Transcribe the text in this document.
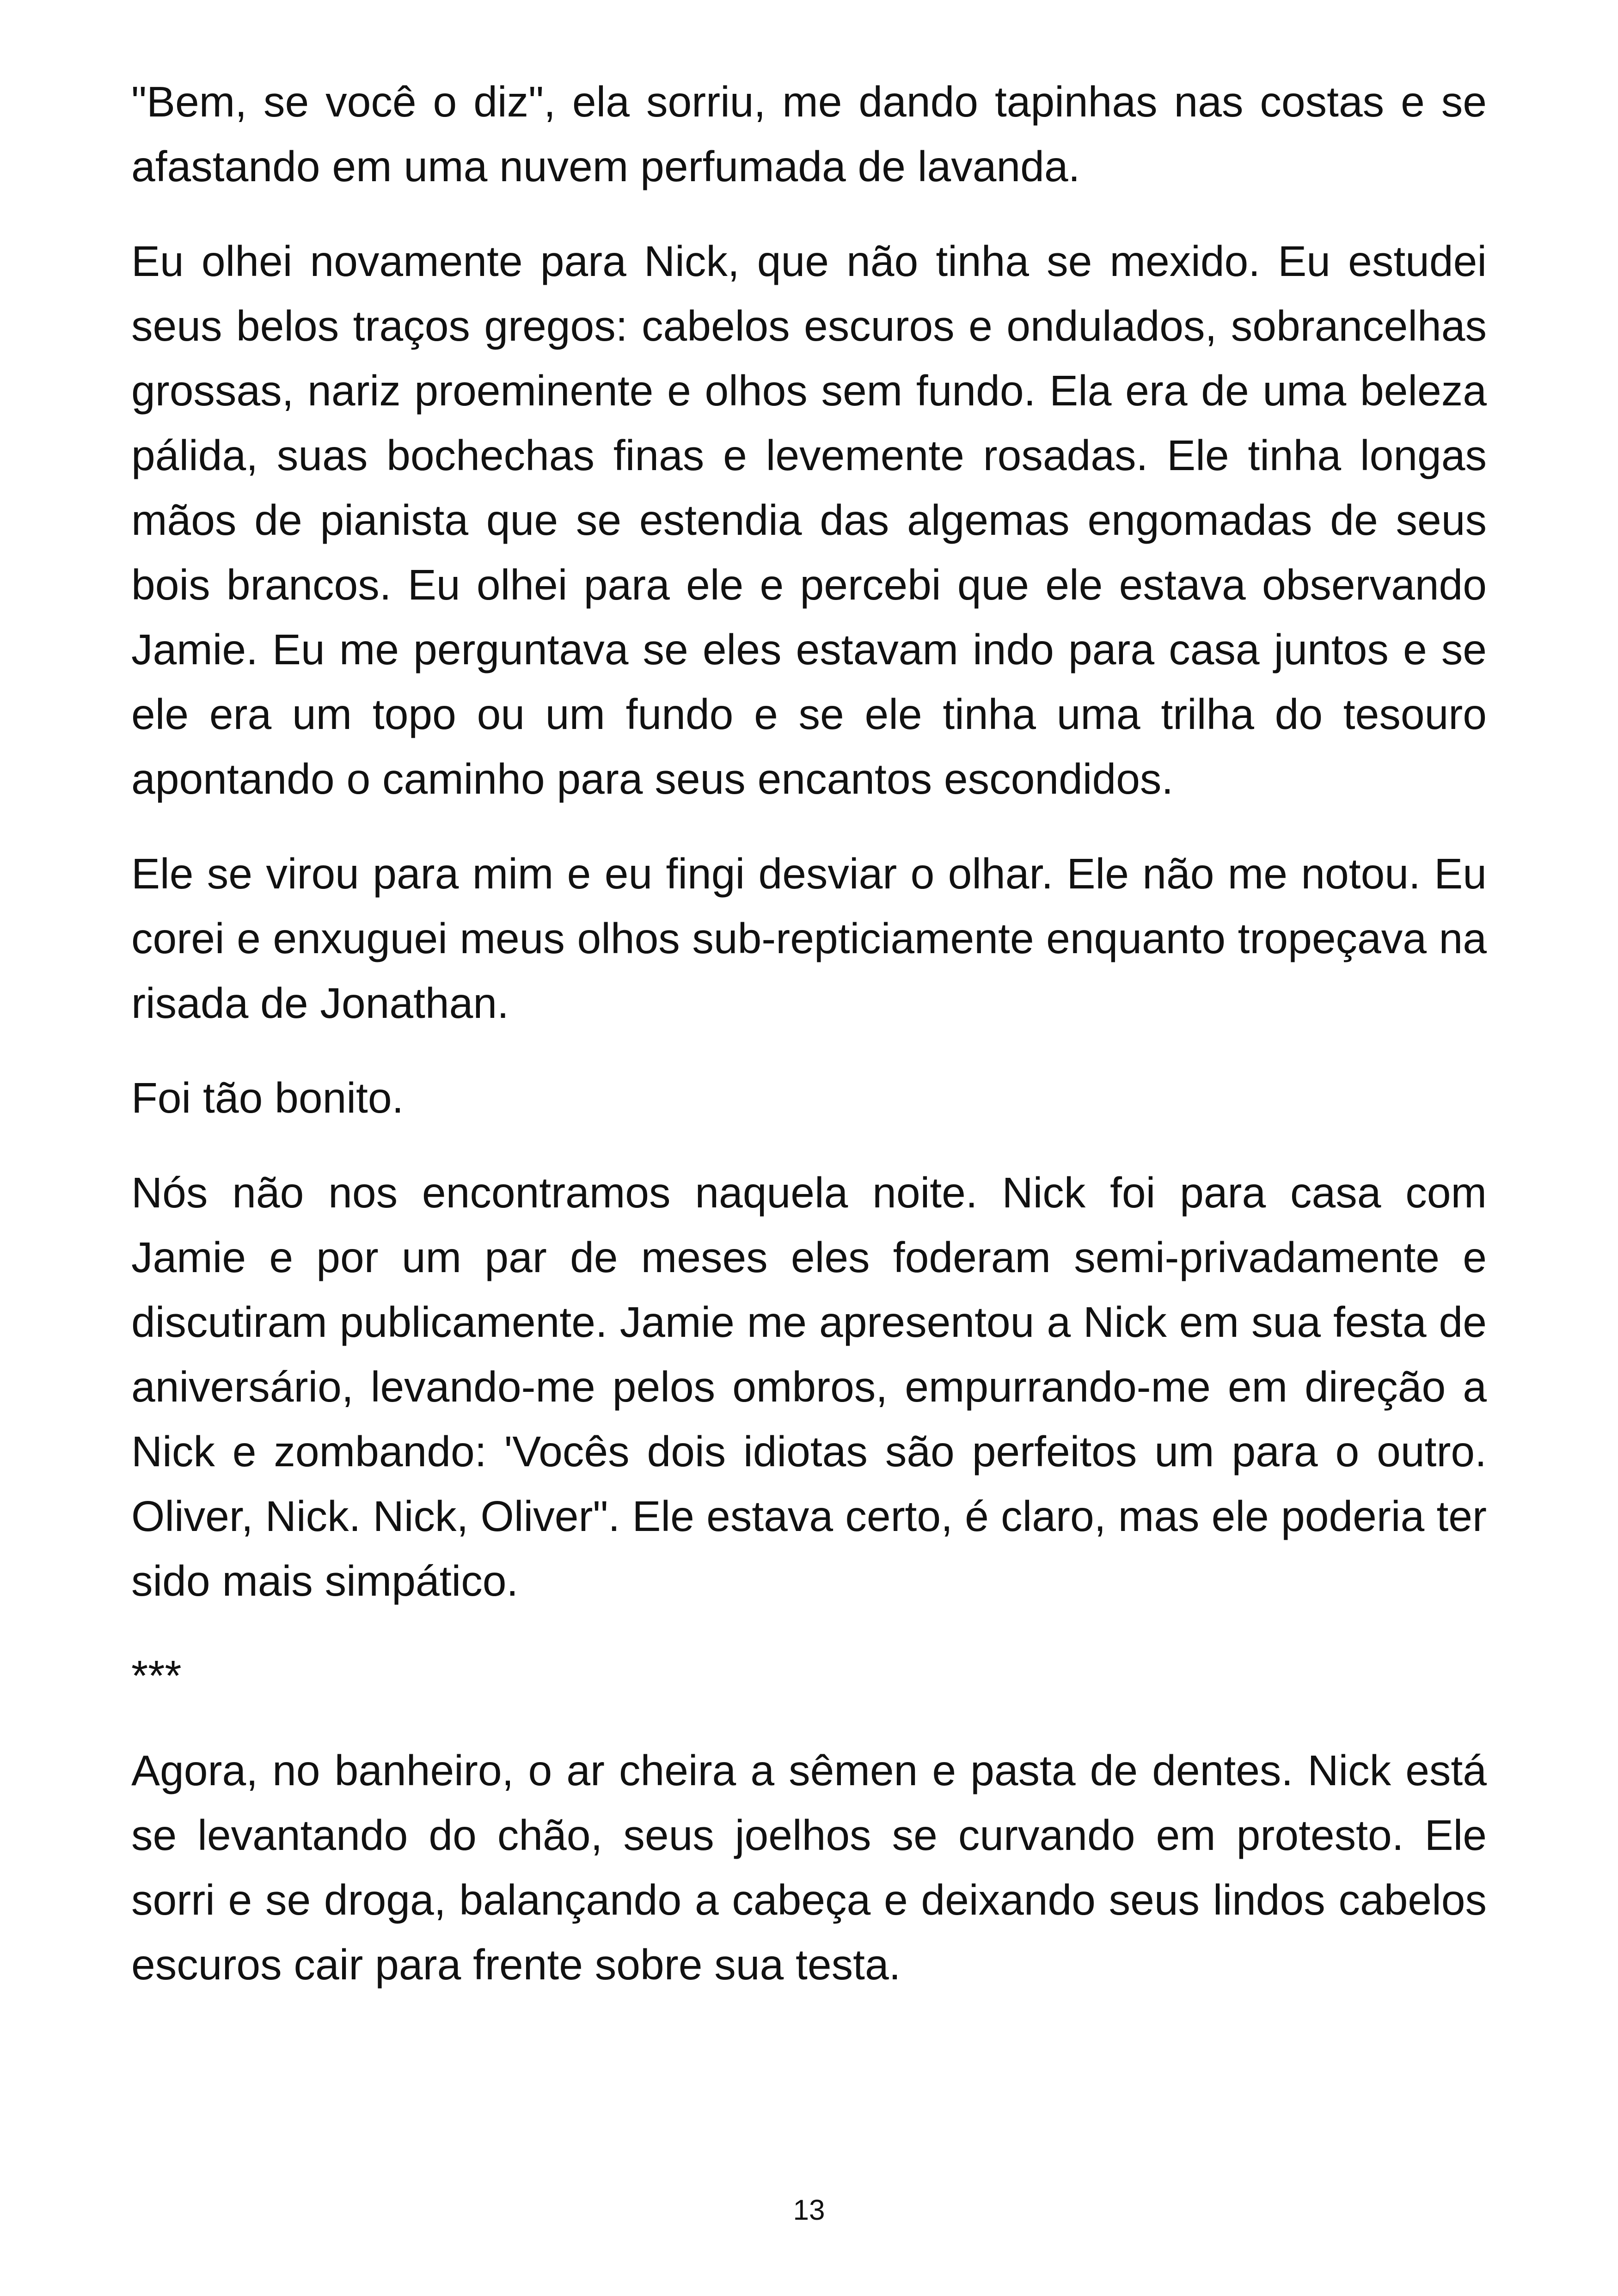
"Bem, se você o diz", ela sorriu, me dando tapinhas nas costas e se afastando em uma nuvem perfumada de lavanda.

Eu olhei novamente para Nick, que não tinha se mexido. Eu estudei seus belos traços gregos: cabelos escuros e ondulados, sobrancelhas grossas, nariz proeminente e olhos sem fundo. Ela era de uma beleza pálida, suas bochechas finas e levemente rosadas. Ele tinha longas mãos de pianista que se estendia das algemas engomadas de seus bois brancos. Eu olhei para ele e percebi que ele estava observando Jamie. Eu me perguntava se eles estavam indo para casa juntos e se ele era um topo ou um fundo e se ele tinha uma trilha do tesouro apontando o caminho para seus encantos escondidos.

Ele se virou para mim e eu fingi desviar o olhar. Ele não me notou. Eu corei e enxuguei meus olhos sub-repticiamente enquanto tropeçava na risada de Jonathan.

Foi tão bonito.

Nós não nos encontramos naquela noite. Nick foi para casa com Jamie e por um par de meses eles foderam semi-privadamente e discutiram publicamente. Jamie me apresentou a Nick em sua festa de aniversário, levando-me pelos ombros, empurrando-me em direção a Nick e zombando: 'Vocês dois idiotas são perfeitos um para o outro. Oliver, Nick. Nick, Oliver". Ele estava certo, é claro, mas ele poderia ter sido mais simpático.

***

Agora, no banheiro, o ar cheira a sêmen e pasta de dentes. Nick está se levantando do chão, seus joelhos se curvando em protesto. Ele sorri e se droga, balançando a cabeça e deixando seus lindos cabelos escuros cair para frente sobre sua testa.

13
